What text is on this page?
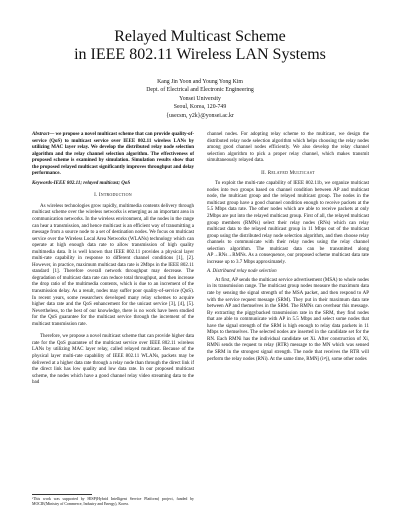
Relayed Multicast Scheme
in IEEE 802.11 Wireless LAN Systems
Kang Jin Yoon and Young Yong Kim
Dept. of Electrical and Electronic Engineering
Yonsei University
Seoul, Korea, 120-749
{usecsm, y2k}@yonsei.ac.kr

Abstract— we propose a novel multicast scheme that can provide quality-of-service (QoS) to multicast service over IEEE 802.11 wireless LANs by utilizing MAC layer relay. We develop the distributed relay node selection algorithm and the relay channel selection algorithm. The effectiveness of proposed scheme is examined by simulation. Simulation results show that the proposed relayed multicast significantly improves throughput and delay performance.

Keywords-IEEE 802.11; relayed multicast; QoS

I. Introduction

As wireless technologies grow rapidly, multimedia contents delivery through multicast scheme over the wireless networks is emerging as an important area in communication networks. In the wireless environment, all the nodes in the range can hear a transmission, and hence multicast is an efficient way of transmitting a message from a source node to a set of destination nodes. We focus on multicast service over the Wireless Local Area Networks (WLANs) technology which can operate at high enough data rate to allow transmission of high quality multimedia data. It is well known that IEEE 802.11 provides a physical layer multi-rate capability in response to different channel conditions [1], [2]. However, in practice, maximum multicast data rate is 2Mbps in the IEEE 802.11 standard [1]. Therefore overall network throughput may decrease. The degradation of multicast data rate can reduce total throughput, and then increase the drop ratio of the multimedia contents, which is due to an increment of the transmission delay. As a result, nodes may suffer poor quality-of-service (QoS). In recent years, some researchers developed many relay schemes to acquire higher data rate and the QoS enhancement for the unicast service [3], [4], [5]. Nevertheless, to the best of our knowledge, there is no work have been studied for the QoS guarantee for the multicast service through the increment of the multicast transmission rate.

Therefore, we propose a novel multicast scheme that can provide higher data rate for the QoS guarantee of the multicast service over IEEE 802.11 wireless LANs by utilizing MAC layer relay, called relayed multicast. Because of the physical layer multi-rate capability of IEEE 802.11 WLANs, packets may be delivered at a higher data rate through a relay node than through the direct link if the direct link has low quality and low data rate. In our proposed multicast scheme, the nodes which have a good channel relay video streaming data to the bad

channel nodes. For adopting relay scheme to the multicast, we design the distributed relay node selection algorithm which helps choosing the relay nodes among good channel nodes efficiently. We also develop the relay channel selection algorithm to pick a proper relay channel, which makes transmit simultaneously relayed data.

II. Relayed Multicast

To exploit the multi-rate capability of IEEE 802.11b, we organize multicast nodes into two groups based on channel condition between AP and multicast node, the multicast group and the relayed multicast group. The nodes in the multicast group have a good channel condition enough to receive packets at the 5.5 Mbps data rate. The other nodes which are able to receive packets at only 2Mbps are put into the relayed multicast group. First of all, the relayed multicast group members (RMNs) select their relay nodes (RNs) which can relay multicast data to the relayed multicast group in 11 Mbps out of the multicast group using the distributed relay node selection algorithm, and then choose relay channels to communicate with their relay nodes using the relay channel selection algorithm. The multicast data can be transmitted along AP→RNs→RMNs. As a consequence, our proposed scheme multicast data rate increase up to 3.7 Mbps approximately.

A. Distributed relay node selection

At first, AP sends the multicast service advertisement (MSA) to whole nodes in its transmission range. The multicast group nodes measure the maximum data rate by sensing the signal strength of the MSA packet, and then respond to AP with the service request message (SRM). They put in their maximum data rate between AP and themselves in the SRM. The RMNs can overhear this message. By extracting the piggybacked transmission rate in the SRM, they find nodes that are able to communicate with AP in 5.5 Mbps and select some nodes that have the signal strength of the SRM is high enough to relay data packets in 11 Mbps to themselves. The selected nodes are inserted in the candidate set for the RN. Each RMNi has the individual candidate set Xi. After construction of Xi, RMNi sends the request to relay (RTR) message to the MN which was sensed the SRM in the strongest signal strength. The node that receives the RTR will perform the relay nodes (RNi). At the same time, RMNj (i≠j), some other nodes

¹This work was supported by HISP(Hybrid Intelligent Service Platform) project, funded by MOCIE(Ministry of Commerce, Industry and Energy), Korea.
